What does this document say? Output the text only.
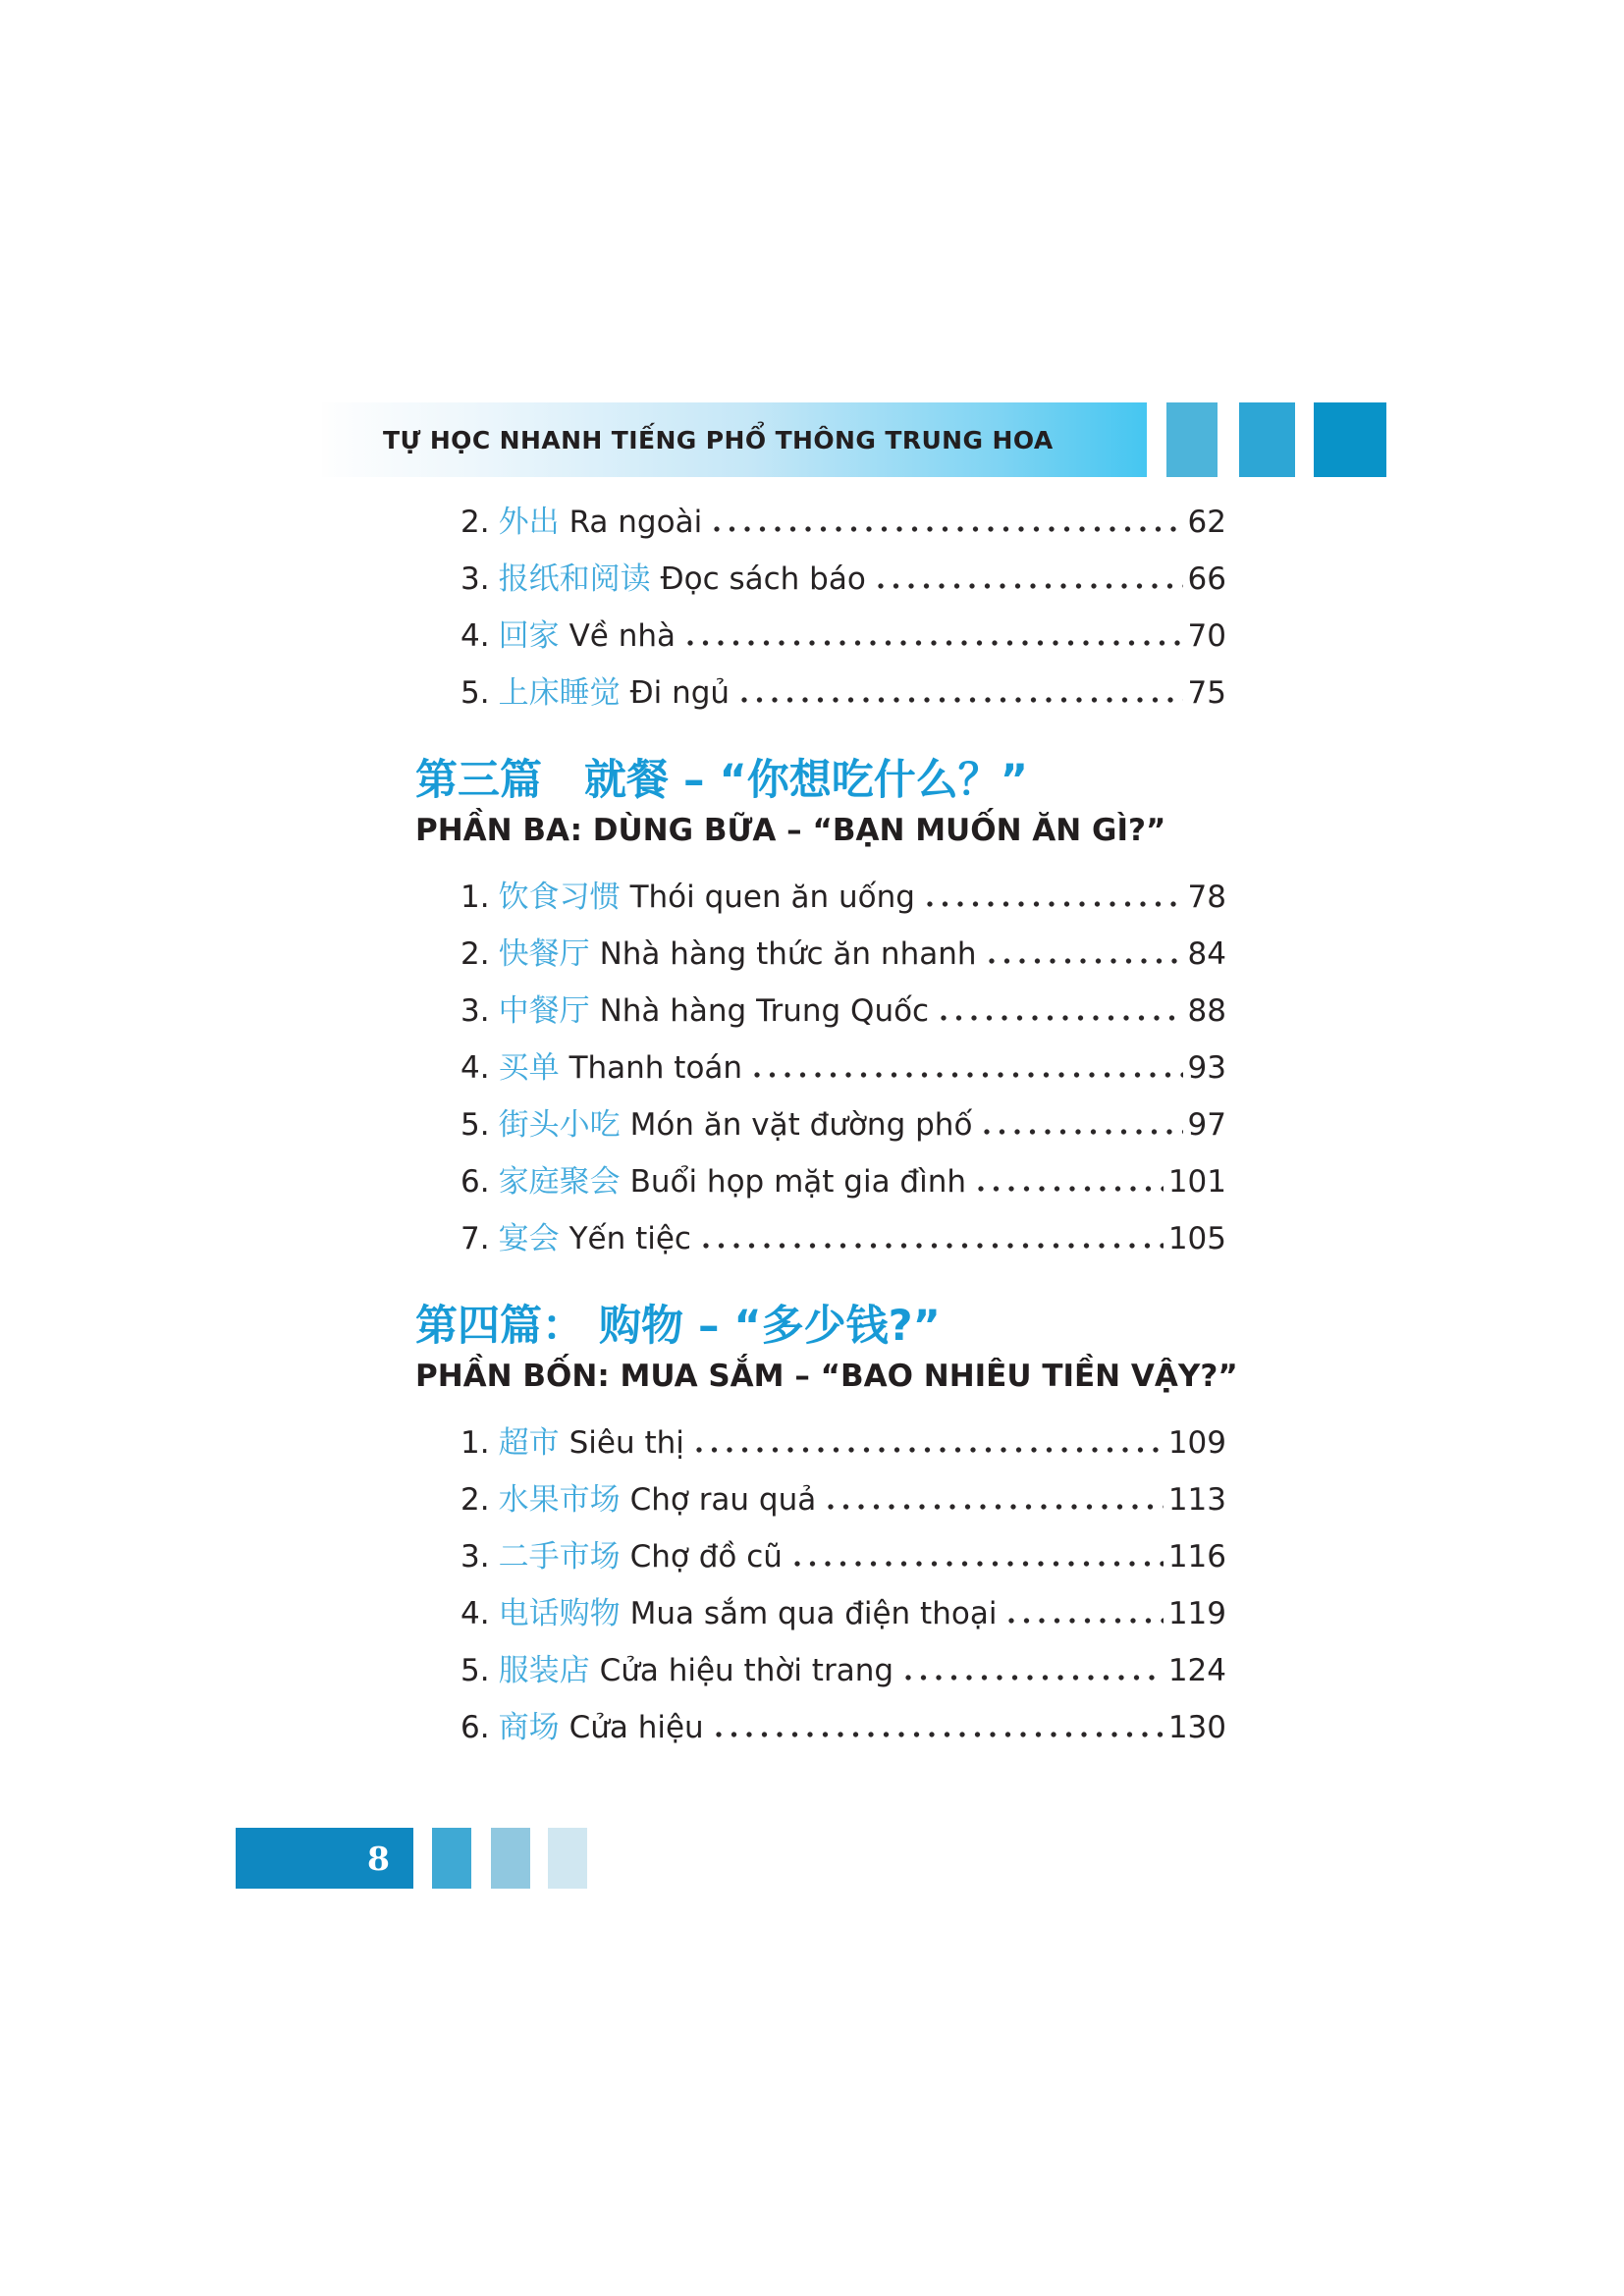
TỰ HỌC NHANH TIẾNG PHỔ THÔNG TRUNG HOA
2. 外出 Ra ngoài	62
3. 报纸和阅读 Đọc sách báo	66
4. 回家 Về nhà	70
5. 上床睡觉 Đi ngủ	75
第三篇　就餐 – “你想吃什么？”
PHẦN BA: DÙNG BỮA – “BẠN MUỐN ĂN GÌ?”
1. 饮食习惯 Thói quen ăn uống	78
2. 快餐厅 Nhà hàng thức ăn nhanh	84
3. 中餐厅 Nhà hàng Trung Quốc	88
4. 买单 Thanh toán	93
5. 街头小吃 Món ăn vặt đường phố	97
6. 家庭聚会 Buổi họp mặt gia đình	101
7. 宴会 Yến tiệc	105
第四篇： 购物 – “多少钱?”
PHẦN BỐN: MUA SẮM – “BAO NHIÊU TIỀN VẬY?”
1. 超市 Siêu thị	109
2. 水果市场 Chợ rau quả	113
3. 二手市场 Chợ đồ cũ	116
4. 电话购物 Mua sắm qua điện thoại	119
5. 服装店 Cửa hiệu thời trang	124
6. 商场 Cửa hiệu	130
8
